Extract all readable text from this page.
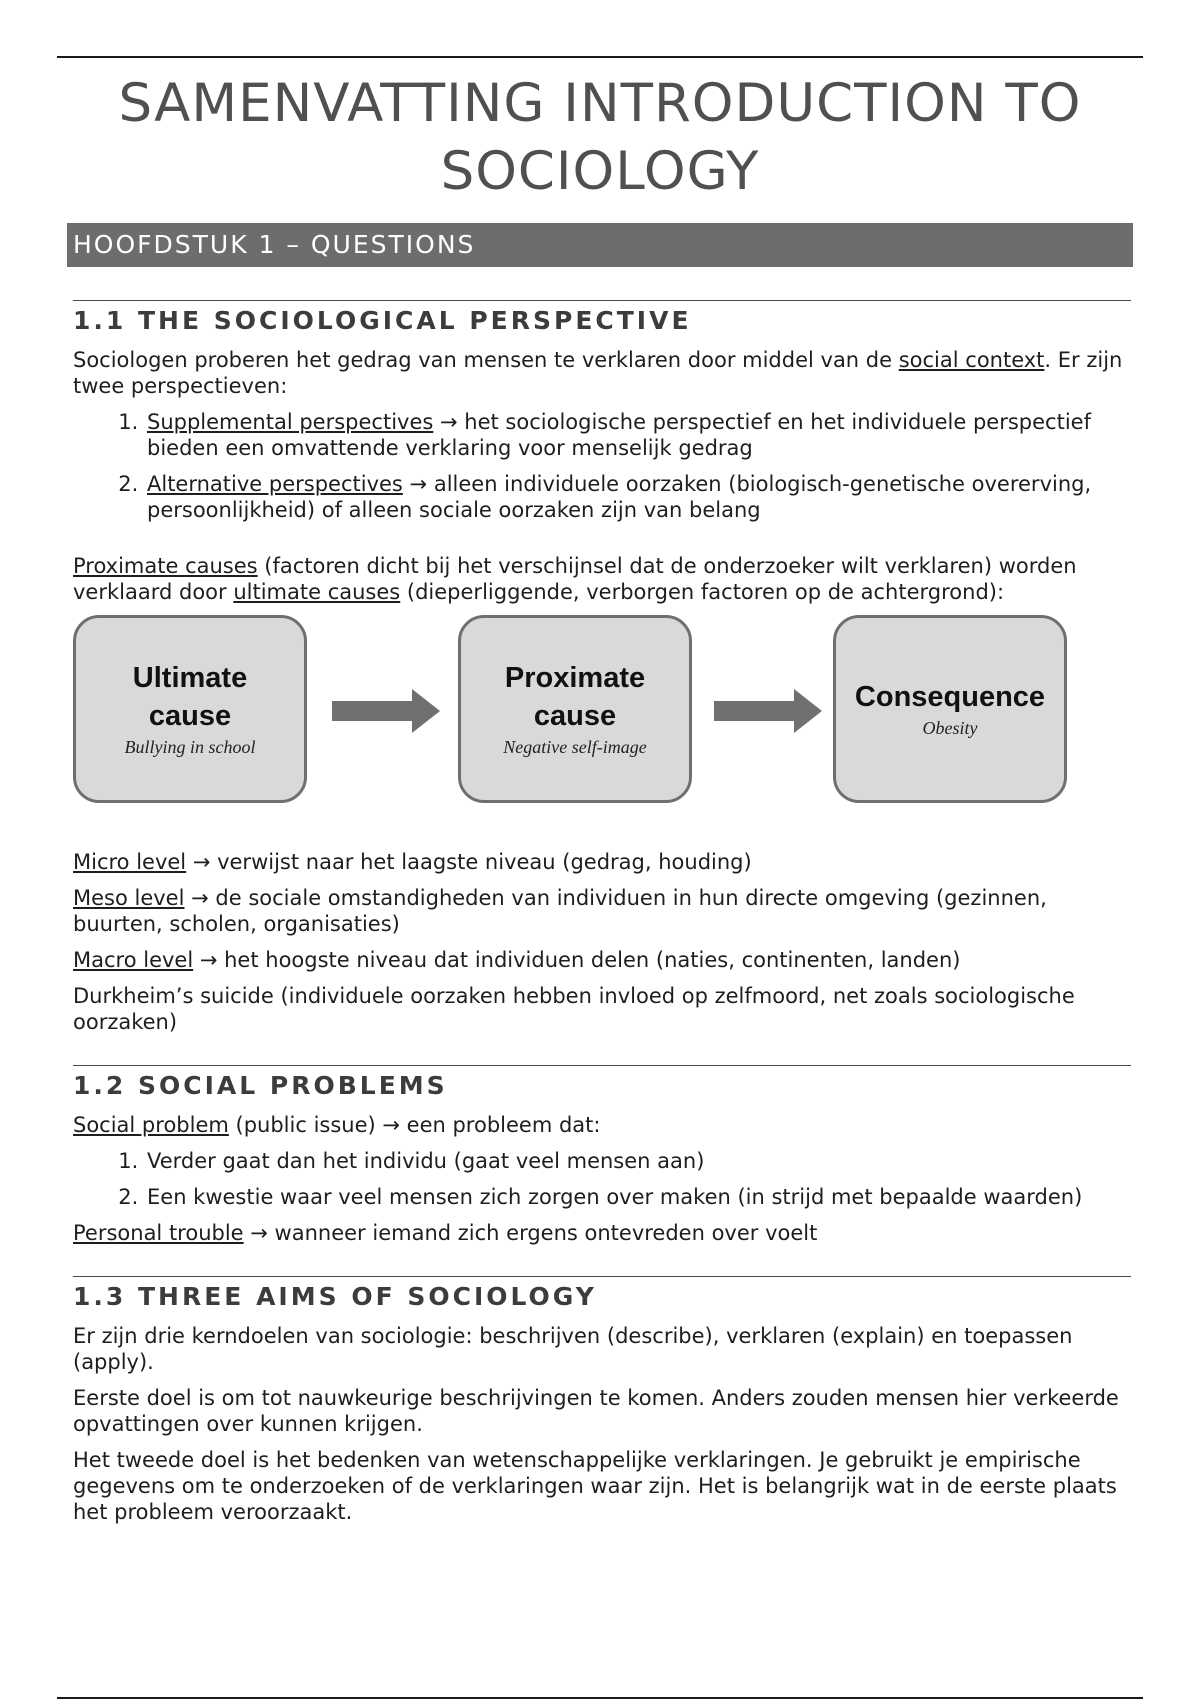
SAMENVATTING INTRODUCTION TO
SOCIOLOGY
HOOFDSTUK 1 – QUESTIONS
1.1 THE SOCIOLOGICAL PERSPECTIVE

Sociologen proberen het gedrag van mensen te verklaren door middel van de social context. Er zijn twee perspectieven:

1. Supplemental perspectives → het sociologische perspectief en het individuele perspectief bieden een omvattende verklaring voor menselijk gedrag
2. Alternative perspectives → alleen individuele oorzaken (biologisch-genetische overerving, persoonlijkheid) of alleen sociale oorzaken zijn van belang

Proximate causes (factoren dicht bij het verschijnsel dat de onderzoeker wilt verklaren) worden verklaard door ultimate causes (dieperliggende, verborgen factoren op de achtergrond):

Ultimate
cause
Bullying in school
Proximate
cause
Negative self-image
Consequence
Obesity

Micro level → verwijst naar het laagste niveau (gedrag, houding)

Meso level → de sociale omstandigheden van individuen in hun directe omgeving (gezinnen, buurten, scholen, organisaties)

Macro level → het hoogste niveau dat individuen delen (naties, continenten, landen)

Durkheim’s suicide (individuele oorzaken hebben invloed op zelfmoord, net zoals sociologische oorzaken)

1.2 SOCIAL PROBLEMS

Social problem (public issue) → een probleem dat:

1. Verder gaat dan het individu (gaat veel mensen aan)
2. Een kwestie waar veel mensen zich zorgen over maken (in strijd met bepaalde waarden)

Personal trouble → wanneer iemand zich ergens ontevreden over voelt

1.3 THREE AIMS OF SOCIOLOGY

Er zijn drie kerndoelen van sociologie: beschrijven (describe), verklaren (explain) en toepassen (apply).

Eerste doel is om tot nauwkeurige beschrijvingen te komen. Anders zouden mensen hier verkeerde opvattingen over kunnen krijgen.

Het tweede doel is het bedenken van wetenschappelijke verklaringen. Je gebruikt je empirische gegevens om te onderzoeken of de verklaringen waar zijn. Het is belangrijk wat in de eerste plaats het probleem veroorzaakt.
